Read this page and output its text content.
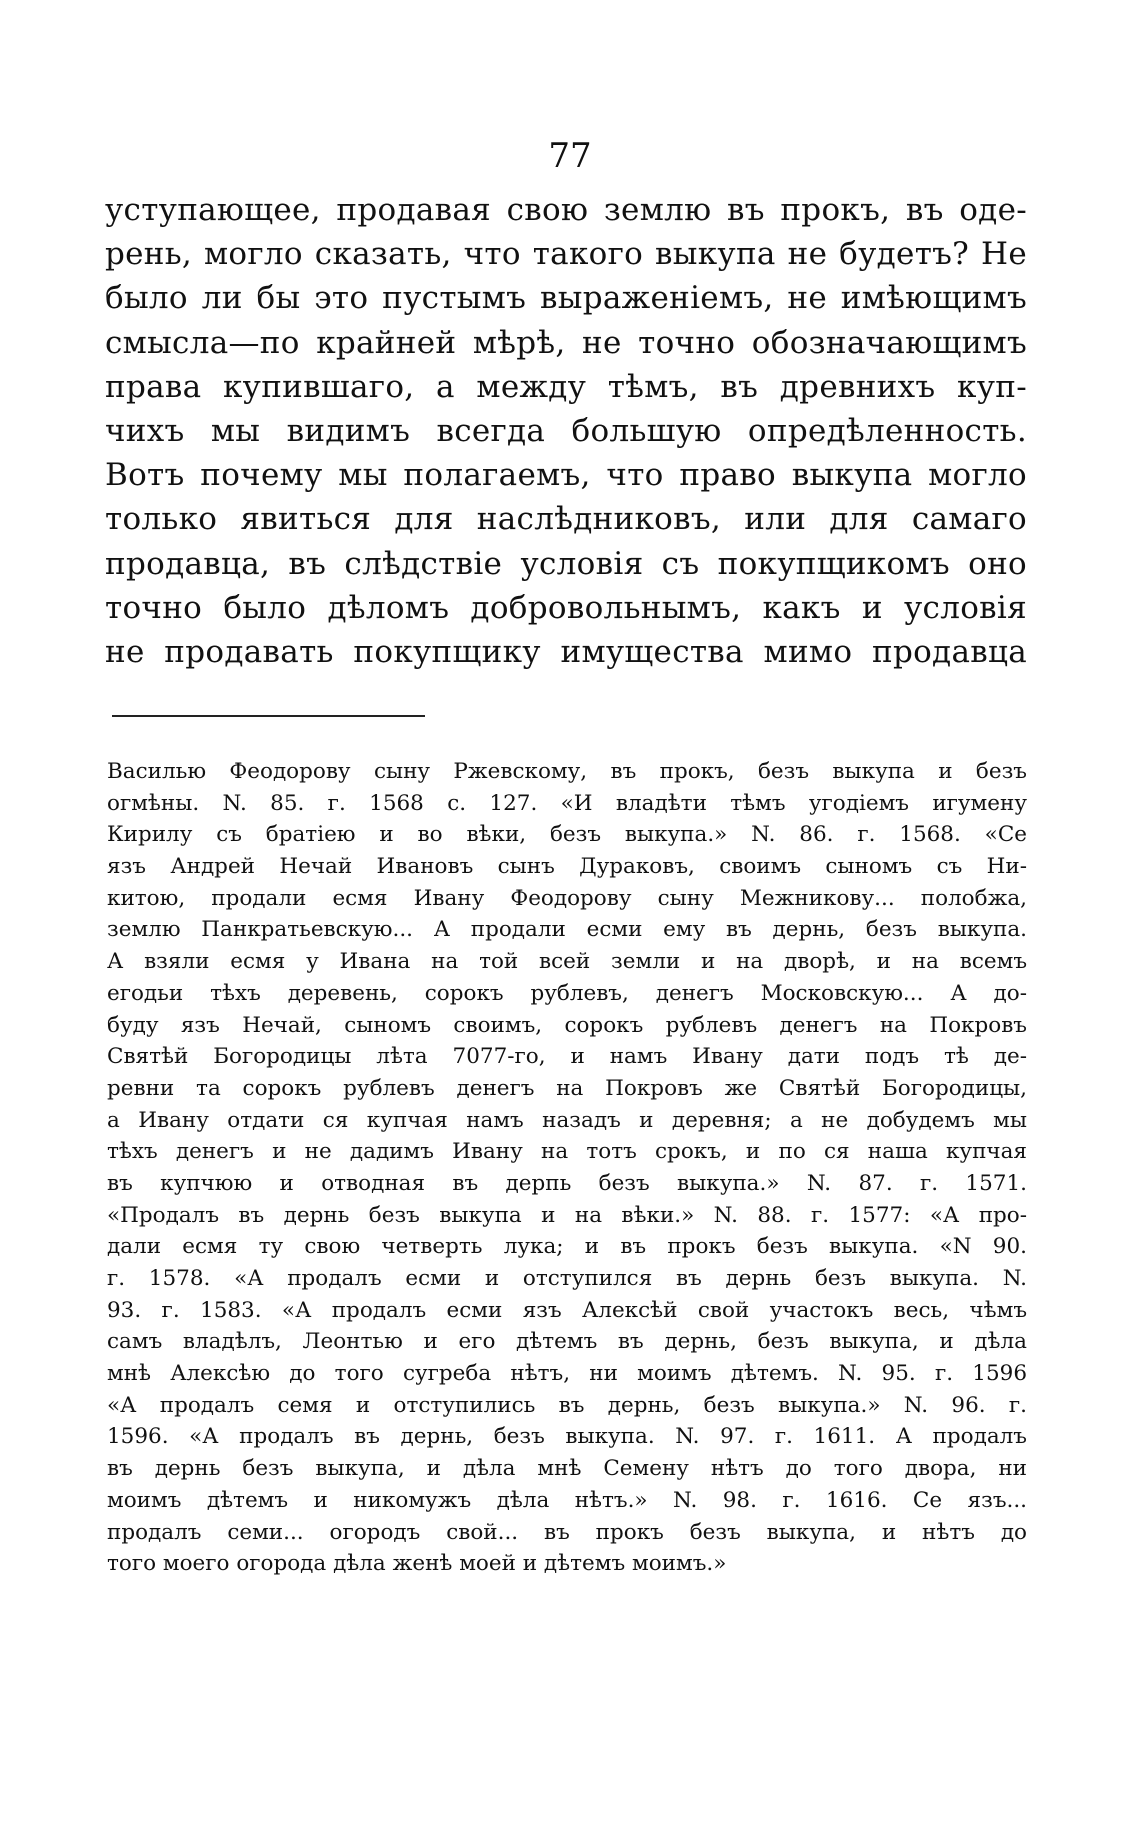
77
уступающее, продавая свою землю въ прокъ, въ оде-
рень, могло сказать, что такого выкупа не будетъ? Не
было ли бы это пустымъ выраженіемъ, не имѣющимъ
смысла—по крайней мѣрѣ, не точно обозначающимъ
права купившаго, а между тѣмъ, въ древнихъ куп-
чихъ мы видимъ всегда большую опредѣленность.
Вотъ почему мы полагаемъ, что право выкупа могло
только явиться для наслѣдниковъ, или для самаго
продавца, въ слѣдствіе условія съ покупщикомъ оно
точно было дѣломъ добровольнымъ, какъ и условія
не продавать покупщику имущества мимо продавца
Василью Феодорову сыну Ржевскому, въ прокъ, безъ выкупа и безъ
огмѣны. N. 85. г. 1568 с. 127. «И владѣти тѣмъ угодіемъ игумену
Кирилу съ братіею и во вѣки, безъ выкупа.» N. 86. г. 1568. «Се
язъ Андрей Нечай Ивановъ сынъ Дураковъ, своимъ сыномъ съ Ни-
китою, продали есмя Ивану Феодорову сыну Межникову... полобжа,
землю Панкратьевскую... А продали есми ему въ дернь, безъ выкупа.
А взяли есмя у Ивана на той всей земли и на дворѣ, и на всемъ
егодьи тѣхъ деревень, сорокъ рублевъ, денегъ Московскую... А до-
буду язъ Нечай, сыномъ своимъ, сорокъ рублевъ денегъ на Покровъ
Святѣй Богородицы лѣта 7077-го, и намъ Ивану дати подъ тѣ де-
ревни та сорокъ рублевъ денегъ на Покровъ же Святѣй Богородицы,
а Ивану отдати ся купчая намъ назадъ и деревня; а не добудемъ мы
тѣхъ денегъ и не дадимъ Ивану на тотъ срокъ, и по ся наша купчая
въ купчюю и отводная въ дерпь безъ выкупа.» N. 87. г. 1571.
«Продалъ въ дернь безъ выкупа и на вѣки.» N. 88. г. 1577: «А про-
дали есмя ту свою четверть лука; и въ прокъ безъ выкупа. «N 90.
г. 1578. «А продалъ есми и отступился въ дернь безъ выкупа. N.
93. г. 1583. «А продалъ есми язъ Алексѣй свой участокъ весь, чѣмъ
самъ владѣлъ, Леонтью и его дѣтемъ въ дернь, безъ выкупа, и дѣла
мнѣ Алексѣю до того сугреба нѣтъ, ни моимъ дѣтемъ. N. 95. г. 1596
«А продалъ семя и отступились въ дернь, безъ выкупа.» N. 96. г.
1596. «А продалъ въ дернь, безъ выкупа. N. 97. г. 1611. А продалъ
въ дернь безъ выкупа, и дѣла мнѣ Семену нѣтъ до того двора, ни
моимъ дѣтемъ и никомужъ дѣла нѣтъ.» N. 98. г. 1616. Се язъ...
продалъ семи... огородъ свой... въ прокъ безъ выкупа, и нѣтъ до
того моего огорода дѣла женѣ моей и дѣтемъ моимъ.»
